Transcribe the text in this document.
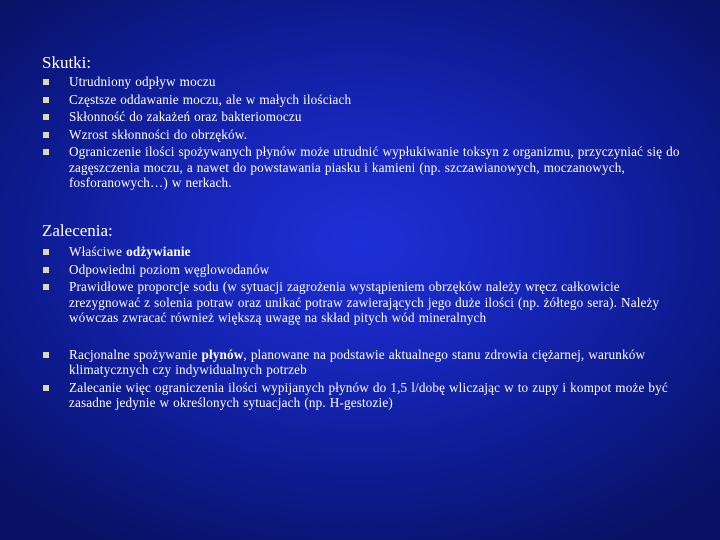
Skutki:
Utrudniony odpływ moczu
Częstsze oddawanie moczu, ale w małych ilościach
Skłonność do zakażeń oraz bakteriomoczu
Wzrost skłonności do obrzęków.
Ograniczenie ilości spożywanych płynów może utrudnić wypłukiwanie toksyn z organizmu, przyczyniać się do zagęszczenia moczu, a nawet do powstawania piasku i kamieni (np. szczawianowych, moczanowych, fosforanowych…) w nerkach.
Zalecenia:
Właściwe odżywianie
Odpowiedni poziom węglowodanów
Prawidłowe proporcje sodu (w sytuacji zagrożenia wystąpieniem obrzęków należy wręcz całkowicie zrezygnować z solenia potraw oraz unikać potraw zawierających jego duże ilości (np. żółtego sera). Należy wówczas zwracać również większą uwagę na skład pitych wód mineralnych
Racjonalne spożywanie płynów, planowane na podstawie aktualnego stanu zdrowia ciężarnej, warunków klimatycznych czy indywidualnych potrzeb
Zalecanie więc ograniczenia ilości wypijanych płynów do 1,5 l/dobę wliczając w to zupy i kompot może być zasadne jedynie w określonych sytuacjach (np. H-gestozie)
